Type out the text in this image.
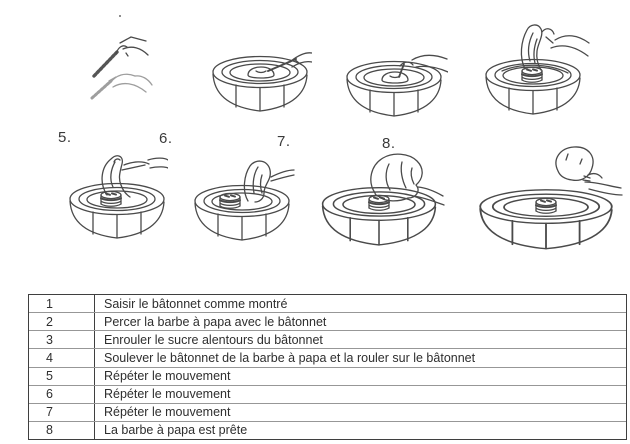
5.	6.	7.	8.
1	Saisir le bâtonnet comme montré
2	Percer la barbe à papa avec le bâtonnet
3	Enrouler le sucre alentours du bâtonnet
4	Soulever le bâtonnet de la barbe à papa et la rouler sur le bâtonnet
5	Répéter le mouvement
6	Répéter le mouvement
7	Répéter le mouvement
8	La barbe à papa est prête
